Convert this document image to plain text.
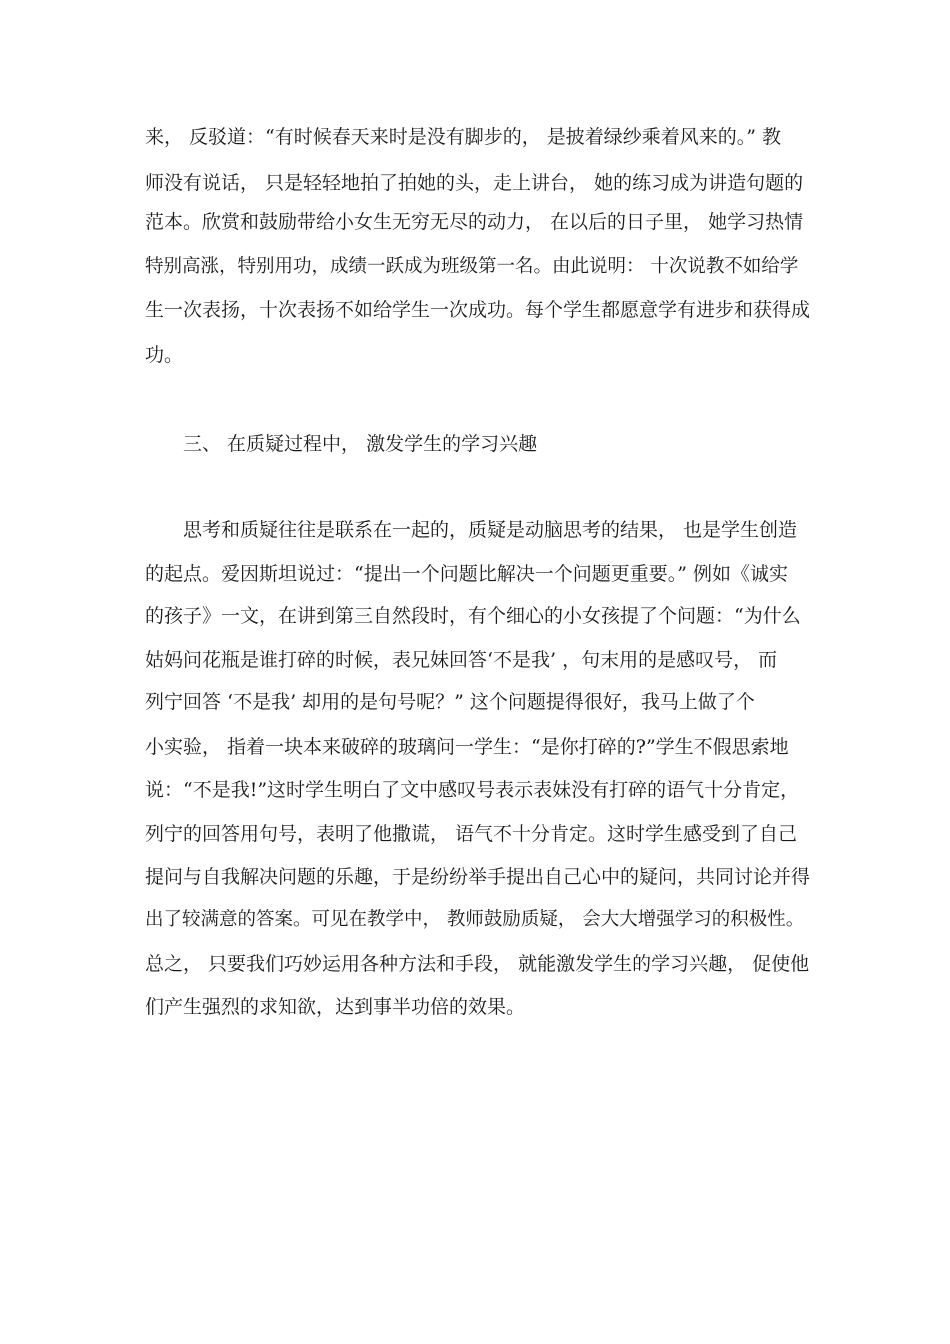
来， 反驳道：“有时候春天来时是没有脚步的， 是披着绿纱乘着风来的。” 教
师没有说话， 只是轻轻地拍了拍她的头，走上讲台， 她的练习成为讲造句题的
范本。欣赏和鼓励带给小女生无穷无尽的动力， 在以后的日子里， 她学习热情
特别高涨，特别用功，成绩一跃成为班级第一名。由此说明： 十次说教不如给学
生一次表扬，十次表扬不如给学生一次成功。每个学生都愿意学有进步和获得成
功。
三、 在质疑过程中， 激发学生的学习兴趣
思考和质疑往往是联系在一起的，质疑是动脑思考的结果， 也是学生创造
的起点。爱因斯坦说过：“提出一个问题比解决一个问题更重要。” 例如《诚实
的孩子》一文，在讲到第三自然段时，有个细心的小女孩提了个问题：“为什么
姑妈问花瓶是谁打碎的时候，表兄妹回答‘不是我’ ，句末用的是感叹号， 而
列宁回答 ‘不是我’ 却用的是句号呢？” 这个问题提得很好，我马上做了个
小实验， 指着一块本来破碎的玻璃问一学生：“是你打碎的?”学生不假思索地
说：“不是我!”这时学生明白了文中感叹号表示表妹没有打碎的语气十分肯定，
列宁的回答用句号，表明了他撒谎， 语气不十分肯定。这时学生感受到了自己
提问与自我解决问题的乐趣，于是纷纷举手提出自己心中的疑问，共同讨论并得
出了较满意的答案。可见在教学中， 教师鼓励质疑， 会大大增强学习的积极性。
总之， 只要我们巧妙运用各种方法和手段， 就能激发学生的学习兴趣， 促使他
们产生强烈的求知欲，达到事半功倍的效果。
